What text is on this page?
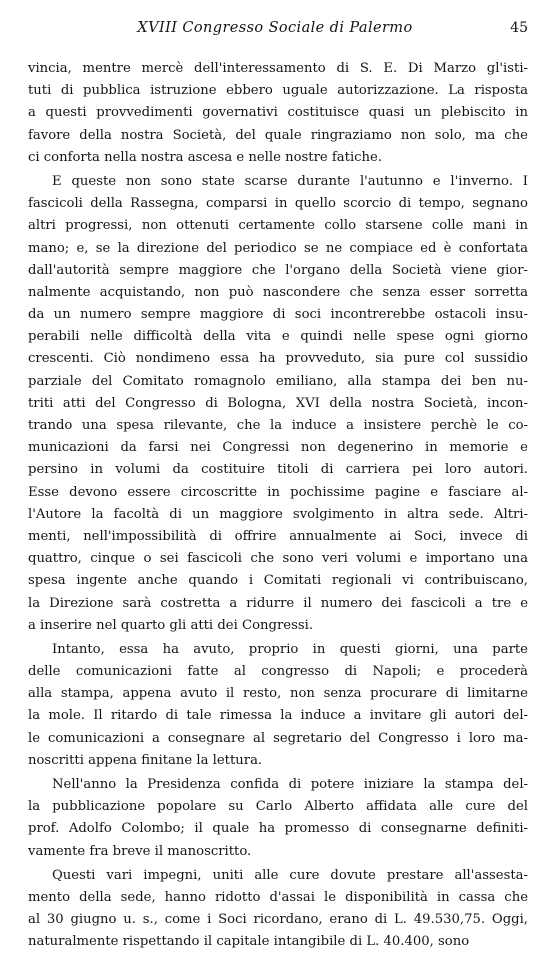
XVIII Congresso Sociale di Palermo	45
vincia, mentre mercè dell'interessamento di S. E. Di Marzo gl'isti-
tuti di pubblica istruzione ebbero uguale autorizzazione. La risposta
a questi provvedimenti governativi costituisce quasi un plebiscito in
favore della nostra Società, del quale ringraziamo non solo, ma che
ci conforta nella nostra ascesa e nelle nostre fatiche.
E queste non sono state scarse durante l'autunno e l'inverno. I
fascicoli della Rassegna, comparsi in quello scorcio di tempo, segnano
altri progressi, non ottenuti certamente collo starsene colle mani in
mano; e, se la direzione del periodico se ne compiace ed è confortata
dall'autorità sempre maggiore che l'organo della Società viene gior-
nalmente acquistando, non può nascondere che senza esser sorretta
da un numero sempre maggiore di soci incontrerebbe ostacoli insu-
perabili nelle difficoltà della vita e quindi nelle spese ogni giorno
crescenti. Ciò nondimeno essa ha provveduto, sia pure col sussidio
parziale del Comitato romagnolo emiliano, alla stampa dei ben nu-
triti atti del Congresso di Bologna, XVI della nostra Società, incon-
trando una spesa rilevante, che la induce a insistere perchè le co-
municazioni da farsi nei Congressi non degenerino in memorie e
persino in volumi da costituire titoli di carriera pei loro autori.
Esse devono essere circoscritte in pochissime pagine e fasciare al-
l'Autore la facoltà di un maggiore svolgimento in altra sede. Altri-
menti, nell'impossibilità di offrire annualmente ai Soci, invece di
quattro, cinque o sei fascicoli che sono veri volumi e importano una
spesa ingente anche quando i Comitati regionali vi contribuiscano,
la Direzione sarà costretta a ridurre il numero dei fascicoli a tre e
a inserire nel quarto gli atti dei Congressi.
Intanto, essa ha avuto, proprio in questi giorni, una parte
delle comunicazioni fatte al congresso di Napoli; e procederà
alla stampa, appena avuto il resto, non senza procurare di limitarne
la mole. Il ritardo di tale rimessa la induce a invitare gli autori del-
le comunicazioni a consegnare al segretario del Congresso i loro ma-
noscritti appena finitane la lettura.
Nell'anno la Presidenza confida di potere iniziare la stampa del-
la pubblicazione popolare su Carlo Alberto affidata alle cure del
prof. Adolfo Colombo; il quale ha promesso di consegnarne definiti-
vamente fra breve il manoscritto.
Questi vari impegni, uniti alle cure dovute prestare all'assesta-
mento della sede, hanno ridotto d'assai le disponibilità in cassa che
al 30 giugno u. s., come i Soci ricordano, erano di L. 49.530,75. Oggi,
naturalmente rispettando il capitale intangibile di L. 40.400, sono
